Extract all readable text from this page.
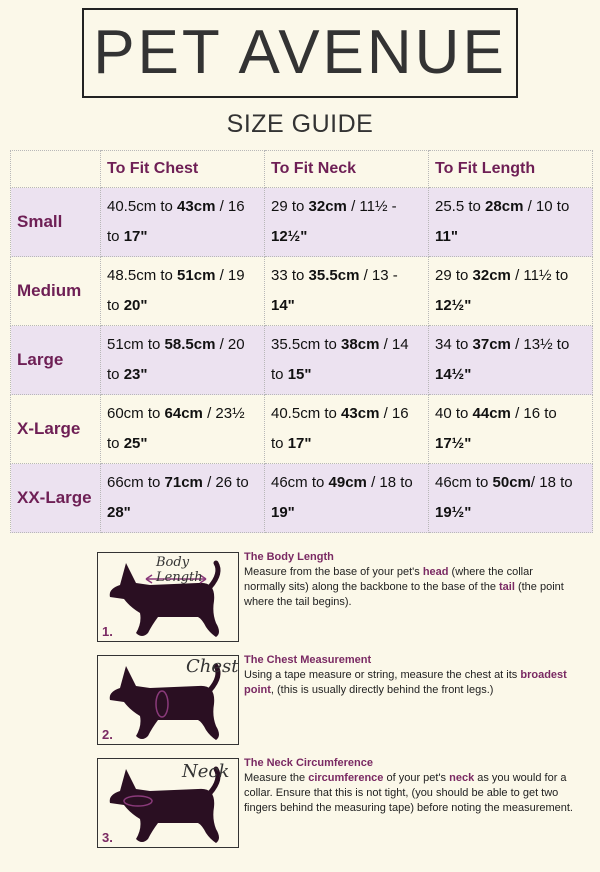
PET AVENUE
SIZE GUIDE
	To Fit Chest	To Fit Neck	To Fit Length
Small	40.5cm to 43cm / 16 to 17"	29 to 32cm / 11½ - 12½"	25.5 to 28cm / 10 to 11"
Medium	48.5cm to 51cm / 19 to 20"	33 to 35.5cm / 13 - 14"	29 to 32cm / 11½ to 12½"
Large	51cm to 58.5cm / 20 to 23"	35.5cm to 38cm / 14 to 15"	34 to 37cm / 13½ to 14½"
X-Large	60cm to 64cm / 23½ to 25"	40.5cm to 43cm / 16 to 17"	40 to 44cm / 16 to 17½"
XX-Large	66cm to 71cm / 26 to 28"	46cm to 49cm / 18 to 19"	46cm to 50cm/ 18 to 19½"
Body Length
1.
The Body Length
Measure from the base of your pet's head (where the collar normally sits) along the backbone to the base of the tail (the point where the tail begins).
Chest
2.
The Chest Measurement
Using a tape measure or string, measure the chest at its broadest point, (this is usually directly behind the front legs.)
Neck
3.
The Neck Circumference
Measure the circumference of your pet's neck as you would for a collar. Ensure that this is not tight, (you should be able to get two fingers behind the measuring tape) before noting the measurement.
